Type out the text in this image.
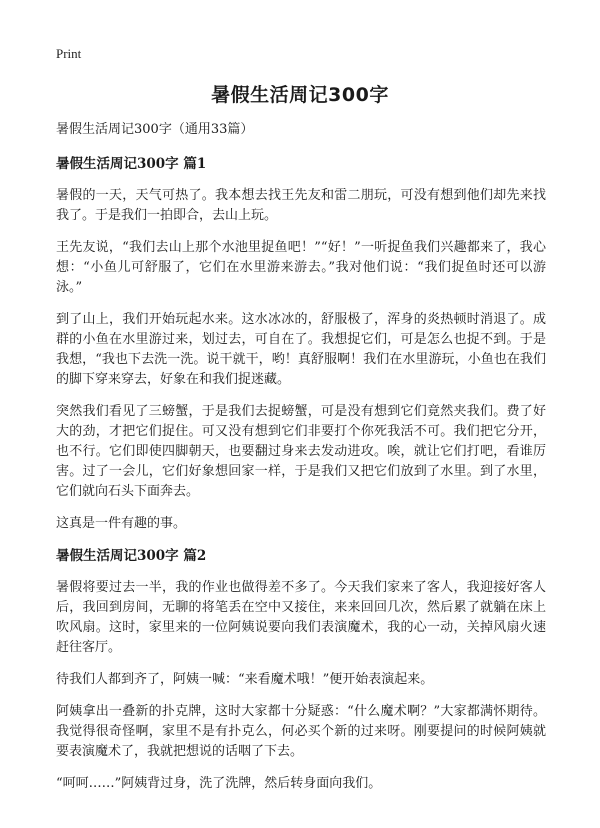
Print
暑假生活周记300字
暑假生活周记300字（通用33篇）
暑假生活周记300字 篇1

暑假的一天，天气可热了。我本想去找王先友和雷二朋玩，可没有想到他们却先来找我了。于是我们一拍即合，去山上玩。

王先友说，“我们去山上那个水池里捉鱼吧！”“好！”一听捉鱼我们兴趣都来了，我心想：“小鱼儿可舒服了，它们在水里游来游去。”我对他们说：“我们捉鱼时还可以游泳。”

到了山上，我们开始玩起水来。这水冰冰的，舒服极了，浑身的炎热顿时消退了。成群的小鱼在水里游过来，划过去，可自在了。我想捉它们，可是怎么也捉不到。于是我想，“我也下去洗一洗。说干就干，哟！真舒服啊！我们在水里游玩，小鱼也在我们的脚下穿来穿去，好象在和我们捉迷藏。

突然我们看见了三螃蟹，于是我们去捉螃蟹，可是没有想到它们竟然夹我们。费了好大的劲，才把它们捉住。可又没有想到它们非要打个你死我活不可。我们把它分开，也不行。它们即使四脚朝天，也要翻过身来去发动进攻。唉，就让它们打吧，看谁厉害。过了一会儿，它们好象想回家一样，于是我们又把它们放到了水里。到了水里，它们就向石头下面奔去。

这真是一件有趣的事。

暑假生活周记300字 篇2

暑假将要过去一半，我的作业也做得差不多了。今天我们家来了客人，我迎接好客人后，我回到房间，无聊的将笔丢在空中又接住，来来回回几次，然后累了就躺在床上吹风扇。这时，家里来的一位阿姨说要向我们表演魔术，我的心一动，关掉风扇火速赶往客厅。

待我们人都到齐了，阿姨一喊：“来看魔术哦！”便开始表演起来。

阿姨拿出一叠新的扑克牌，这时大家都十分疑惑：“什么魔术啊？”大家都满怀期待。我觉得很奇怪啊，家里不是有扑克么，何必买个新的过来呀。刚要提问的时候阿姨就要表演魔术了，我就把想说的话咽了下去。

“呵呵……”阿姨背过身，洗了洗牌，然后转身面向我们。
